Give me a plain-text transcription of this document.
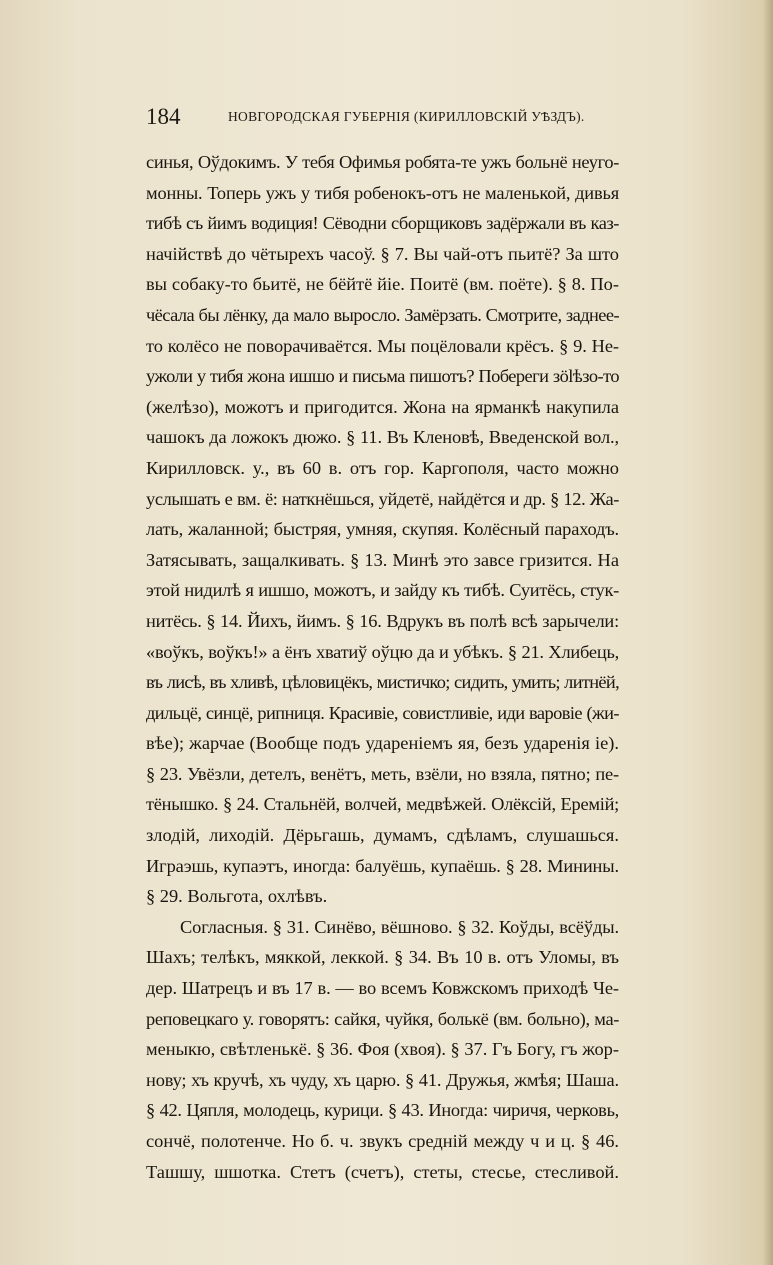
184	НОВГОРОДСКАЯ ГУБЕРНІЯ (КИРИЛЛОВСКІЙ УѢЗДЪ).
синья, Оўдокимъ. У тебя Офимья робята-те ужъ больнё неуго-
монны. Топерь ужъ у тибя робенокъ-отъ не маленькой, дивья
тибѣ съ йимъ водиция! Сёводни сборщиковъ задёржали въ каз-
начійствѣ до чётырехъ часоў. § 7. Вы чай-отъ пьитё? За што
вы собаку-то бьитё, не бёйтё йіе. Поитё (вм. поёте). § 8. По-
чёсала бы лёнку, да мало выросло. Замёрзать. Смотрите, заднее-
то колёсо не поворачиваётся. Мы поцёловали крёсъ. § 9. Не-
ужоли у тибя жона ишшо и письма пишотъ? Побереги зölѣзо-то
(желѣзо), можотъ и пригодится. Жона на ярманкѣ накупила
чашокъ да ложокъ дюжо. § 11. Въ Кленовѣ, Введенской вол.,
Кирилловск. у., въ 60 в. отъ гор. Каргополя, часто можно
услышать е вм. ё: наткнёшься, уйдетё, найдётся и др. § 12. Жа-
лать, жаланной; быстряя, умняя, скупяя. Колёсный параходъ.
Затясывать, защалкивать. § 13. Минѣ это завсе гризится. На
этой нидилѣ я ишшо, можотъ, и зайду къ тибѣ. Суитёсь, стук-
нитёсь. § 14. Йихъ, йимъ. § 16. Вдрукъ въ полѣ всѣ зарычели:
«воўкъ, воўкъ!» а ёнъ хватиў оўцю да и убѣкъ. § 21. Хлибець,
въ лисѣ, въ хливѣ, цѣловицёкъ, мистичко; сидить, умить; литнёй,
дильцё, синцё, рипниця. Красивіе, совистливіе, иди варовіе (жи-
вѣе); жарчае (Вообще подъ удареніемъ яя, безъ ударенія іе).
§ 23. Увёзли, детелъ, венётъ, меть, взёли, но взяла, пятно; пе-
тёнышко. § 24. Стальнёй, волчей, медвѣжей. Олёксій, Еремій;
злодій, лиходій. Дёрьгашь, думамъ, сдѣламъ, слушашься.
Играэшь, купаэтъ, иногда: балуёшь, купаёшь. § 28. Минины.
§ 29. Вольгота, охлѣвъ.
Согласныя. § 31. Синёво, вёшново. § 32. Коўды, всёўды.
Шахъ; телѣкъ, мяккой, леккой. § 34. Въ 10 в. отъ Уломы, въ
дер. Шатрецъ и въ 17 в. — во всемъ Ковжскомъ приходѣ Че-
реповецкаго у. говорятъ: сайкя, чуйкя, болькё (вм. больно), ма-
меныкю, свѣтленькё. § 36. Фоя (хвоя). § 37. Гъ Богу, гъ жор-
нову; хъ кручѣ, хъ чуду, хъ царю. § 41. Дружья, жмѣя; Шаша.
§ 42. Цяпля, молодець, курици. § 43. Иногда: чиричя, черковь,
сончё, полотенче. Но б. ч. звукъ средній между ч и ц. § 46.
Ташшу, шшотка. Стетъ (счетъ), стеты, стесье, стесливой.
